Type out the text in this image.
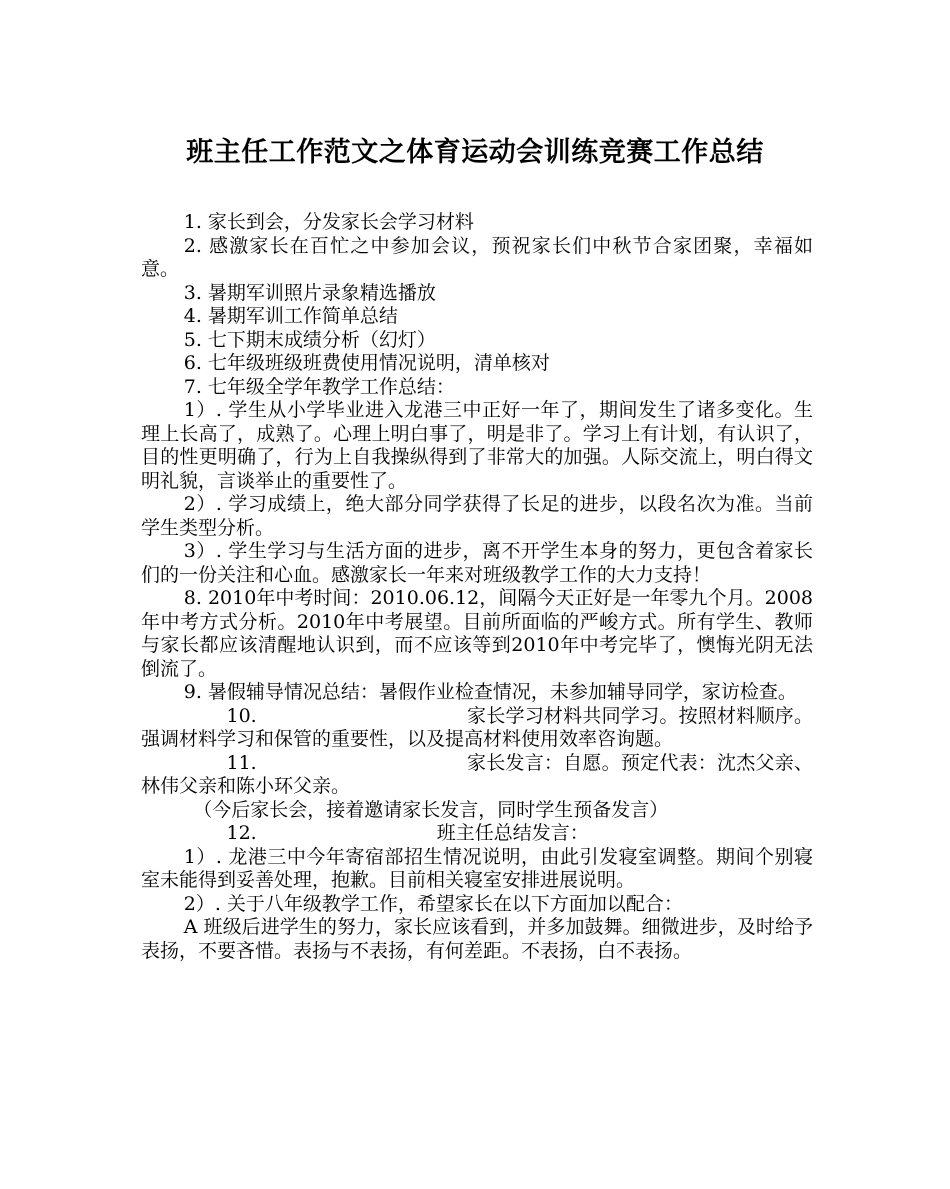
班主任工作范文之体育运动会训练竞赛工作总结

1. 家长到会，分发家长会学习材料

2. 感激家长在百忙之中参加会议，预祝家长们中秋节合家团聚，幸福如意。

3. 暑期军训照片录象精选播放

4. 暑期军训工作简单总结

5. 七下期末成绩分析（幻灯）

6. 七年级班级班费使用情况说明，清单核对

7. 七年级全学年教学工作总结：

1）. 学生从小学毕业进入龙港三中正好一年了，期间发生了诸多变化。生理上长高了，成熟了。心理上明白事了，明是非了。学习上有计划，有认识了，目的性更明确了，行为上自我操纵得到了非常大的加强。人际交流上，明白得文明礼貌，言谈举止的重要性了。

2）. 学习成绩上，绝大部分同学获得了长足的进步，以段名次为准。当前学生类型分析。

3）. 学生学习与生活方面的进步，离不开学生本身的努力，更包含着家长们的一份关注和心血。感激家长一年来对班级教学工作的大力支持！

8. 2010年中考时间：2010.06.12，间隔今天正好是一年零九个月。2008年中考方式分析。2010年中考展望。目前所面临的严峻方式。所有学生、教师与家长都应该清醒地认识到，而不应该等到2010年中考完毕了，懊悔光阴无法倒流了。

9. 暑假辅导情况总结：暑假作业检查情况，未参加辅导同学，家访检查。

10.	家长学习材料共同学习。按照材料顺序。强调材料学习和保管的重要性，以及提高材料使用效率咨询题。

11.	家长发言：自愿。预定代表：沈杰父亲、林伟父亲和陈小环父亲。

（今后家长会，接着邀请家长发言，同时学生预备发言）

12.	班主任总结发言：

1）. 龙港三中今年寄宿部招生情况说明，由此引发寝室调整。期间个别寝室未能得到妥善处理，抱歉。目前相关寝室安排进展说明。

2）. 关于八年级教学工作，希望家长在以下方面加以配合：

A 班级后进学生的努力，家长应该看到，并多加鼓舞。细微进步，及时给予表扬，不要吝惜。表扬与不表扬，有何差距。不表扬，白不表扬。
